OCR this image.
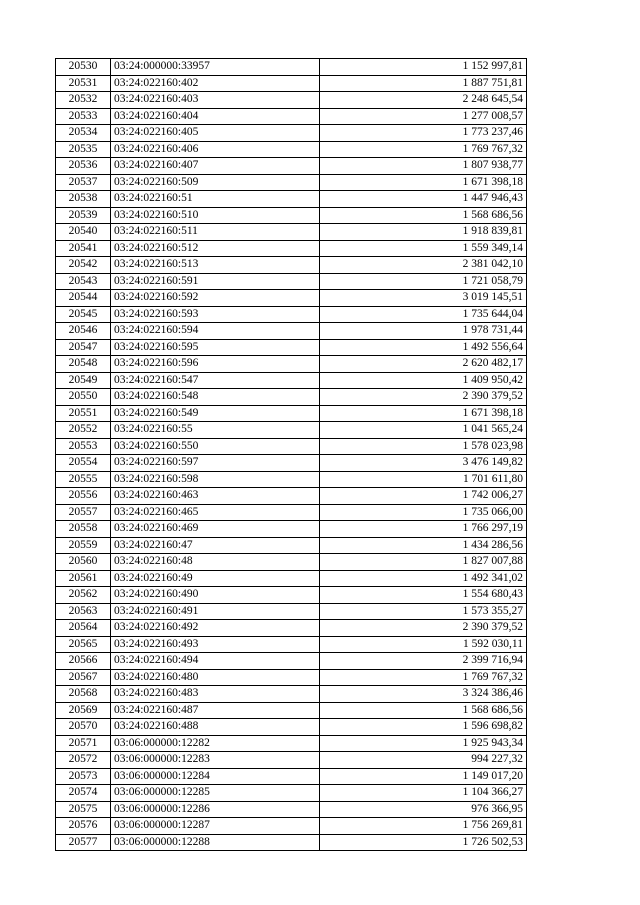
20530	03:24:000000:33957	1 152 997,81
20531	03:24:022160:402	1 887 751,81
20532	03:24:022160:403	2 248 645,54
20533	03:24:022160:404	1 277 008,57
20534	03:24:022160:405	1 773 237,46
20535	03:24:022160:406	1 769 767,32
20536	03:24:022160:407	1 807 938,77
20537	03:24:022160:509	1 671 398,18
20538	03:24:022160:51	1 447 946,43
20539	03:24:022160:510	1 568 686,56
20540	03:24:022160:511	1 918 839,81
20541	03:24:022160:512	1 559 349,14
20542	03:24:022160:513	2 381 042,10
20543	03:24:022160:591	1 721 058,79
20544	03:24:022160:592	3 019 145,51
20545	03:24:022160:593	1 735 644,04
20546	03:24:022160:594	1 978 731,44
20547	03:24:022160:595	1 492 556,64
20548	03:24:022160:596	2 620 482,17
20549	03:24:022160:547	1 409 950,42
20550	03:24:022160:548	2 390 379,52
20551	03:24:022160:549	1 671 398,18
20552	03:24:022160:55	1 041 565,24
20553	03:24:022160:550	1 578 023,98
20554	03:24:022160:597	3 476 149,82
20555	03:24:022160:598	1 701 611,80
20556	03:24:022160:463	1 742 006,27
20557	03:24:022160:465	1 735 066,00
20558	03:24:022160:469	1 766 297,19
20559	03:24:022160:47	1 434 286,56
20560	03:24:022160:48	1 827 007,88
20561	03:24:022160:49	1 492 341,02
20562	03:24:022160:490	1 554 680,43
20563	03:24:022160:491	1 573 355,27
20564	03:24:022160:492	2 390 379,52
20565	03:24:022160:493	1 592 030,11
20566	03:24:022160:494	2 399 716,94
20567	03:24:022160:480	1 769 767,32
20568	03:24:022160:483	3 324 386,46
20569	03:24:022160:487	1 568 686,56
20570	03:24:022160:488	1 596 698,82
20571	03:06:000000:12282	1 925 943,34
20572	03:06:000000:12283	994 227,32
20573	03:06:000000:12284	1 149 017,20
20574	03:06:000000:12285	1 104 366,27
20575	03:06:000000:12286	976 366,95
20576	03:06:000000:12287	1 756 269,81
20577	03:06:000000:12288	1 726 502,53
